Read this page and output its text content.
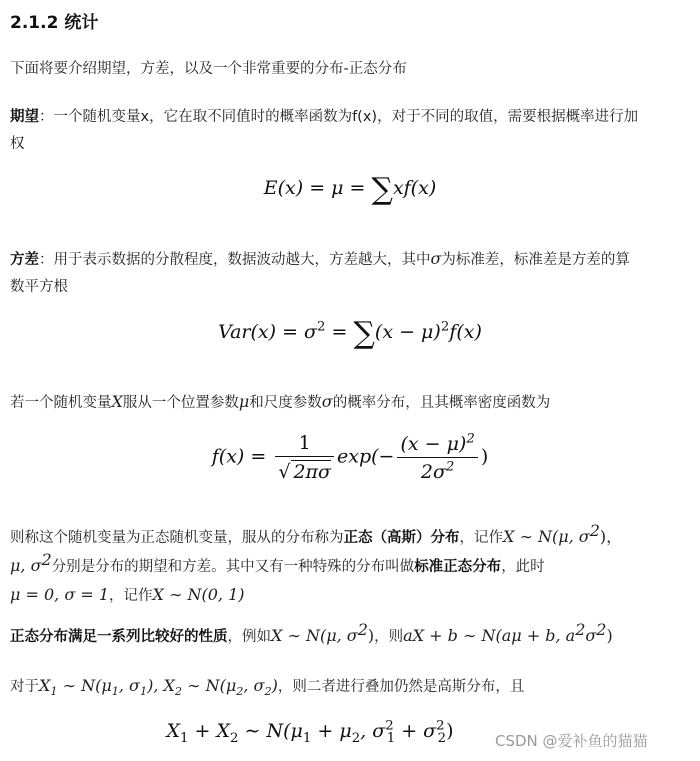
2.1.2 统计
下面将要介绍期望，方差，以及一个非常重要的分布-正态分布
期望：一个随机变量x，它在取不同值时的概率函数为f(x)，对于不同的取值，需要根据概率进行加
权
E(x) = μ = ∑xf(x)
方差：用于表示数据的分散程度，数据波动越大，方差越大，其中σ为标准差，标准差是方差的算
数平方根
$Var(x) = \sigma^2 = \sum(x - \mu)^2f(x)$
若一个随机变量X服从一个位置参数μ和尺度参数σ的概率分布，且其概率密度函数为
$f(x) = \frac{1}{√ 2\pi\sigma} \exp(- \frac{(x - \mu)^2}{2\sigma^2}$ )
则称这个随机变量为正态随机变量，服从的分布称为正态（高斯）分布，记作X ∼ N(μ, $\sigma^2$)，
μ, $\sigma^2$分别是分布的期望和方差。其中又有一种特殊的分布叫做标准正态分布，此时
μ = 0, σ = 1，记作X ∼ N(0, 1)
正态分布满足一系列比较好的性质，例如X ∼ N(μ, $\sigma^2$)，则aX + b ∼ N(aμ + b, $a^2\sigma^2$)
对于$X_1$ ∼ $N(\mu_1$, $\sigma_1$), $X_2$ ∼ $N(\mu_2$, $\sigma_2$)，则二者进行叠加仍然是高斯分布，且
$X_1 + X_2$ ∼ $N(\mu_1 + \mu_2$, $\sigma^2_1 + \sigma^2_2$)	CSDN @爱补鱼的猫猫
